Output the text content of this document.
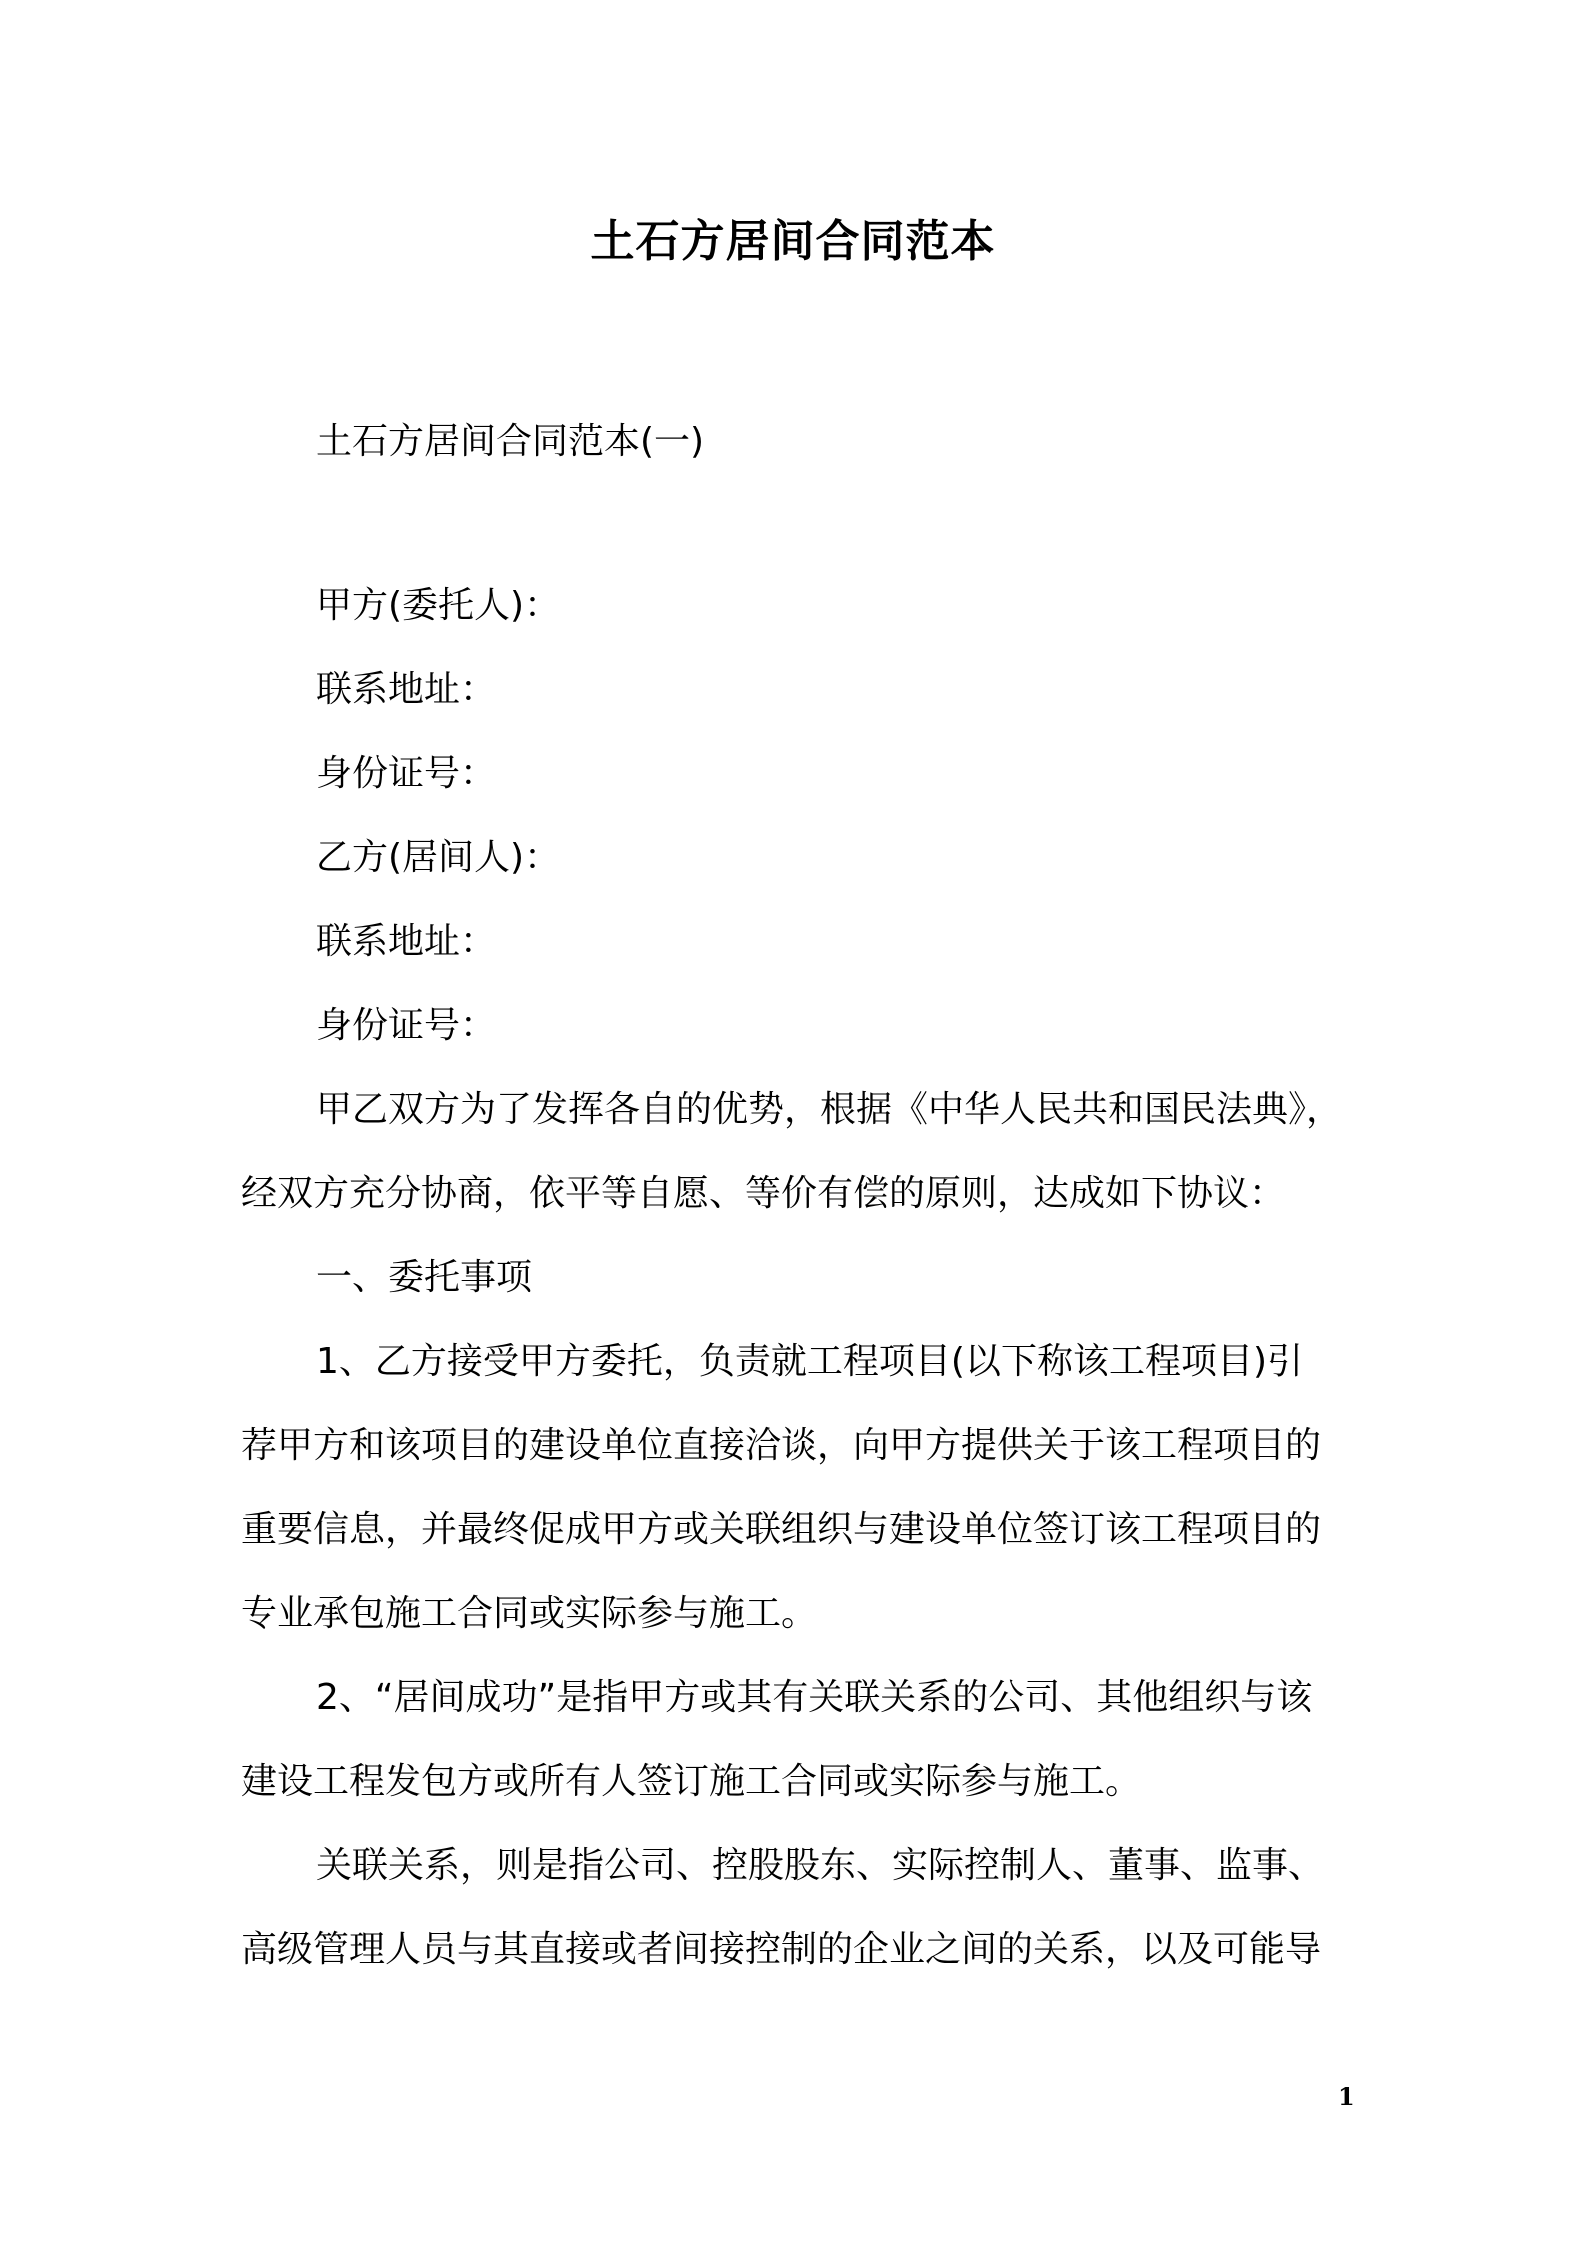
土石方居间合同范本
土石方居间合同范本(一)
甲方(委托人)：
联系地址：
身份证号：
乙方(居间人)：
联系地址：
身份证号：
甲乙双方为了发挥各自的优势，根据《中华人民共和国民法典》，
经双方充分协商，依平等自愿、等价有偿的原则，达成如下协议：
一、委托事项
1、乙方接受甲方委托，负责就工程项目(以下称该工程项目)引
荐甲方和该项目的建设单位直接洽谈，向甲方提供关于该工程项目的
重要信息，并最终促成甲方或关联组织与建设单位签订该工程项目的
专业承包施工合同或实际参与施工。
2、“居间成功”是指甲方或其有关联关系的公司、其他组织与该
建设工程发包方或所有人签订施工合同或实际参与施工。
关联关系，则是指公司、控股股东、实际控制人、董事、监事、
高级管理人员与其直接或者间接控制的企业之间的关系，以及可能导
1
